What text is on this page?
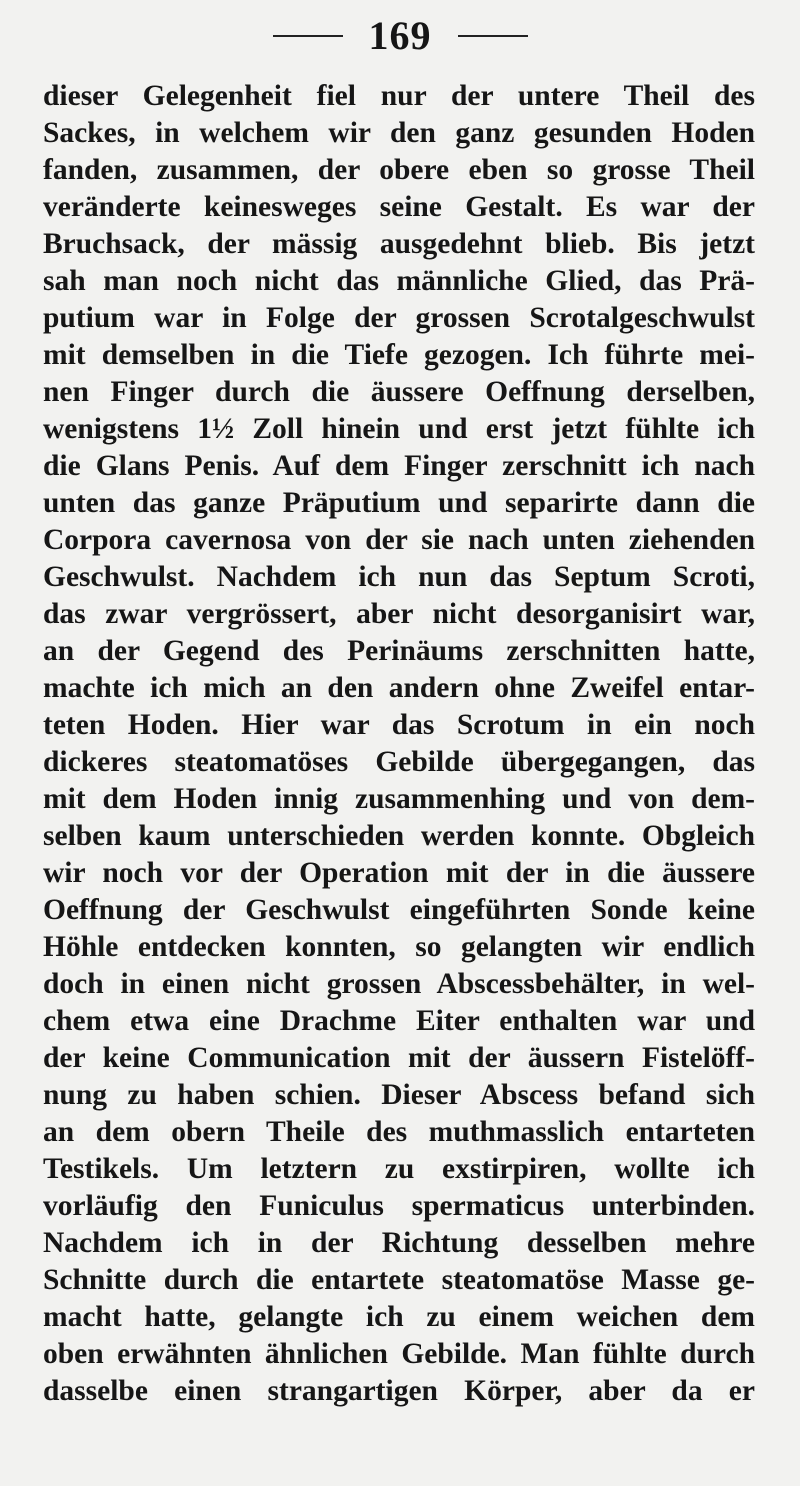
169
dieser Gelegenheit fiel nur der untere Theil des
Sackes, in welchem wir den ganz gesunden Hoden
fanden, zusammen, der obere eben so grosse Theil
veränderte keinesweges seine Gestalt. Es war der
Bruchsack, der mässig ausgedehnt blieb. Bis jetzt
sah man noch nicht das männliche Glied, das Prä-
putium war in Folge der grossen Scrotalgeschwulst
mit demselben in die Tiefe gezogen. Ich führte mei-
nen Finger durch die äussere Oeffnung derselben,
wenigstens 1½ Zoll hinein und erst jetzt fühlte ich
die Glans Penis. Auf dem Finger zerschnitt ich nach
unten das ganze Präputium und separirte dann die
Corpora cavernosa von der sie nach unten ziehenden
Geschwulst. Nachdem ich nun das Septum Scroti,
das zwar vergrössert, aber nicht desorganisirt war,
an der Gegend des Perinäums zerschnitten hatte,
machte ich mich an den andern ohne Zweifel entar-
teten Hoden. Hier war das Scrotum in ein noch
dickeres steatomatöses Gebilde übergegangen, das
mit dem Hoden innig zusammenhing und von dem-
selben kaum unterschieden werden konnte. Obgleich
wir noch vor der Operation mit der in die äussere
Oeffnung der Geschwulst eingeführten Sonde keine
Höhle entdecken konnten, so gelangten wir endlich
doch in einen nicht grossen Abscessbehälter, in wel-
chem etwa eine Drachme Eiter enthalten war und
der keine Communication mit der äussern Fistelöff-
nung zu haben schien. Dieser Abscess befand sich
an dem obern Theile des muthmasslich entarteten
Testikels. Um letztern zu exstirpiren, wollte ich
vorläufig den Funiculus spermaticus unterbinden.
Nachdem ich in der Richtung desselben mehre
Schnitte durch die entartete steatomatöse Masse ge-
macht hatte, gelangte ich zu einem weichen dem
oben erwähnten ähnlichen Gebilde. Man fühlte durch
dasselbe einen strangartigen Körper, aber da er
